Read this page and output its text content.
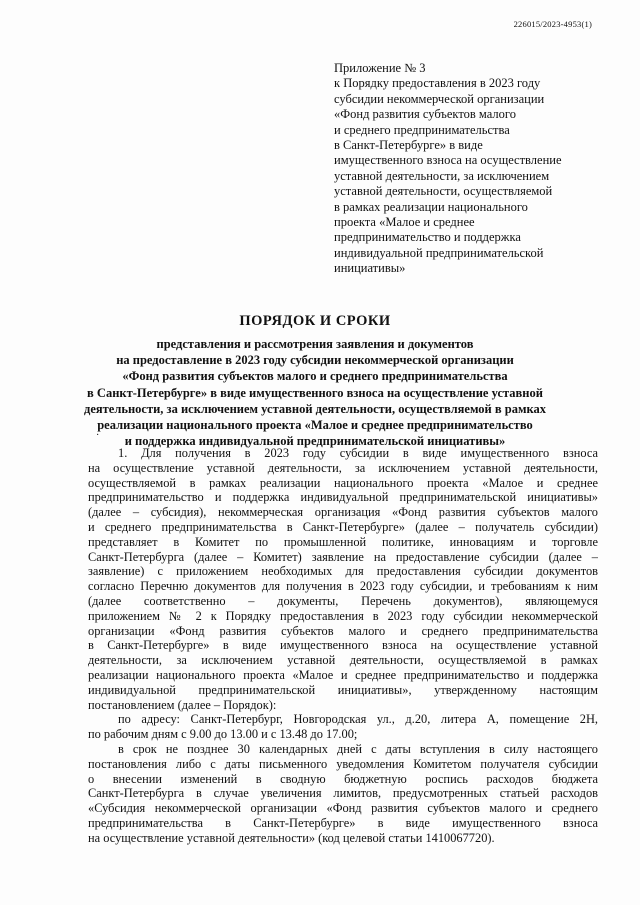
226015/2023-4953(1)
Приложение № 3
к Порядку предоставления в 2023 году
субсидии некоммерческой организации
«Фонд развития субъектов малого
и среднего предпринимательства
в Санкт-Петербурге» в виде
имущественного взноса на осуществление
уставной деятельности, за исключением
уставной деятельности, осуществляемой
в рамках реализации национального
проекта «Малое и среднее
предпринимательство и поддержка
индивидуальной предпринимательской
инициативы»
ПОРЯДОК И СРОКИ
представления и рассмотрения заявления и документов
на предоставление в 2023 году субсидии некоммерческой организации
«Фонд развития субъектов малого и среднего предпринимательства
в Санкт-Петербурге» в виде имущественного взноса на осуществление уставной
деятельности, за исключением уставной деятельности, осуществляемой в рамках
реализации национального проекта «Малое и среднее предпринимательство
и поддержка индивидуальной предпринимательской инициативы»
·
1. Для получения в 2023 году субсидии в виде имущественного взноса
на осуществление уставной деятельности, за исключением уставной деятельности,
осуществляемой в рамках реализации национального проекта «Малое и среднее
предпринимательство и поддержка индивидуальной предпринимательской инициативы»
(далее – субсидия), некоммерческая организация «Фонд развития субъектов малого
и среднего предпринимательства в Санкт-Петербурге» (далее – получатель субсидии)
представляет в Комитет по промышленной политике, инновациям и торговле
Санкт-Петербурга (далее – Комитет) заявление на предоставление субсидии (далее –
заявление) с приложением необходимых для предоставления субсидии документов
согласно Перечню документов для получения в 2023 году субсидии, и требованиям к ним
(далее соответственно – документы, Перечень документов), являющемуся
приложением № 2 к Порядку предоставления в 2023 году субсидии некоммерческой
организации «Фонд развития субъектов малого и среднего предпринимательства
в Санкт-Петербурге» в виде имущественного взноса на осуществление уставной
деятельности, за исключением уставной деятельности, осуществляемой в рамках
реализации национального проекта «Малое и среднее предпринимательство и поддержка
индивидуальной предпринимательской инициативы», утвержденному настоящим
постановлением (далее – Порядок):
по адресу: Санкт-Петербург, Новгородская ул., д.20, литера А, помещение 2Н,
по рабочим дням с 9.00 до 13.00 и с 13.48 до 17.00;
в срок не позднее 30 календарных дней с даты вступления в силу настоящего
постановления либо с даты письменного уведомления Комитетом получателя субсидии
о внесении изменений в сводную бюджетную роспись расходов бюджета
Санкт-Петербурга в случае увеличения лимитов, предусмотренных статьей расходов
«Субсидия некоммерческой организации «Фонд развития субъектов малого и среднего
предпринимательства в Санкт-Петербурге» в виде имущественного взноса
на осуществление уставной деятельности» (код целевой статьи 1410067720).
